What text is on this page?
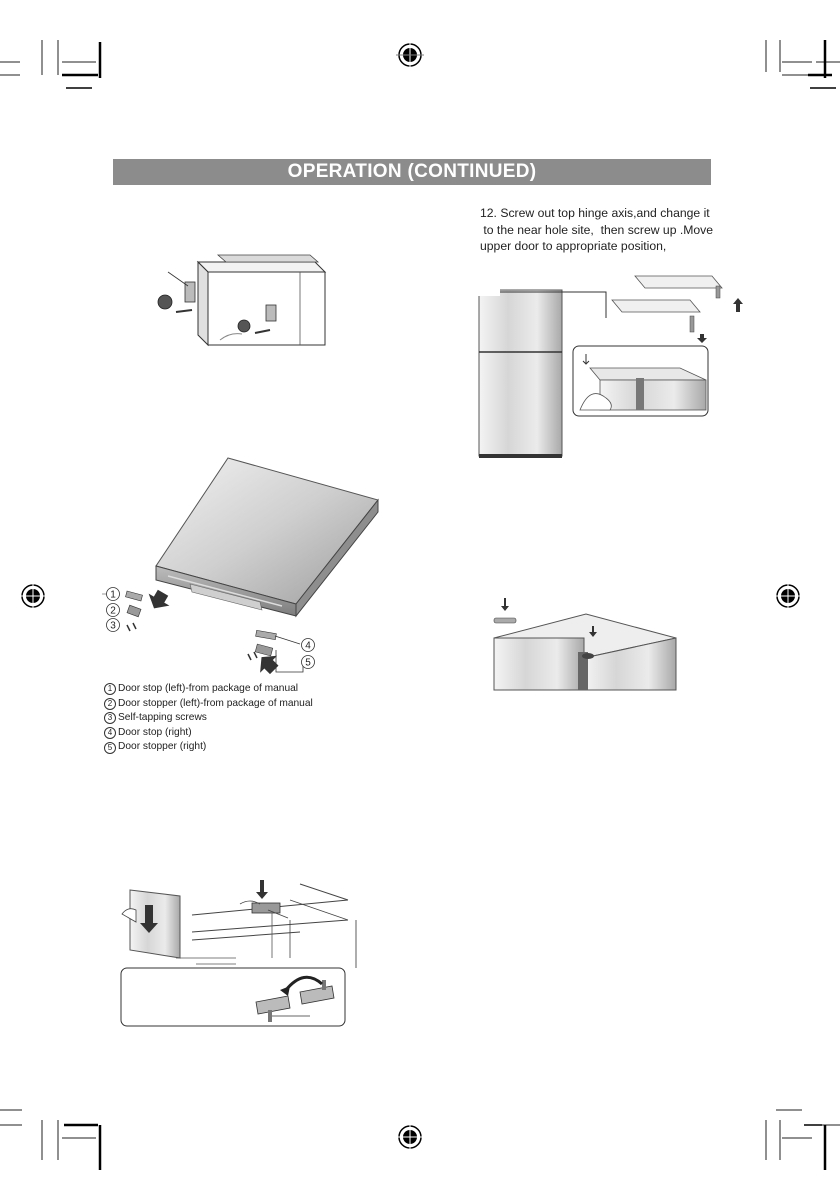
1
2
3
4
5
OPERATION (CONTINUED)
12. Screw out top hinge axis,and change it
to the near hole site,  then screw up .Move
upper door to appropriate position,
1 Door stop (left)-from package of manual
2 Door stopper (left)-from package of manual
3 Self-tapping screws
4 Door stop (right)
5 Door stopper (right)
